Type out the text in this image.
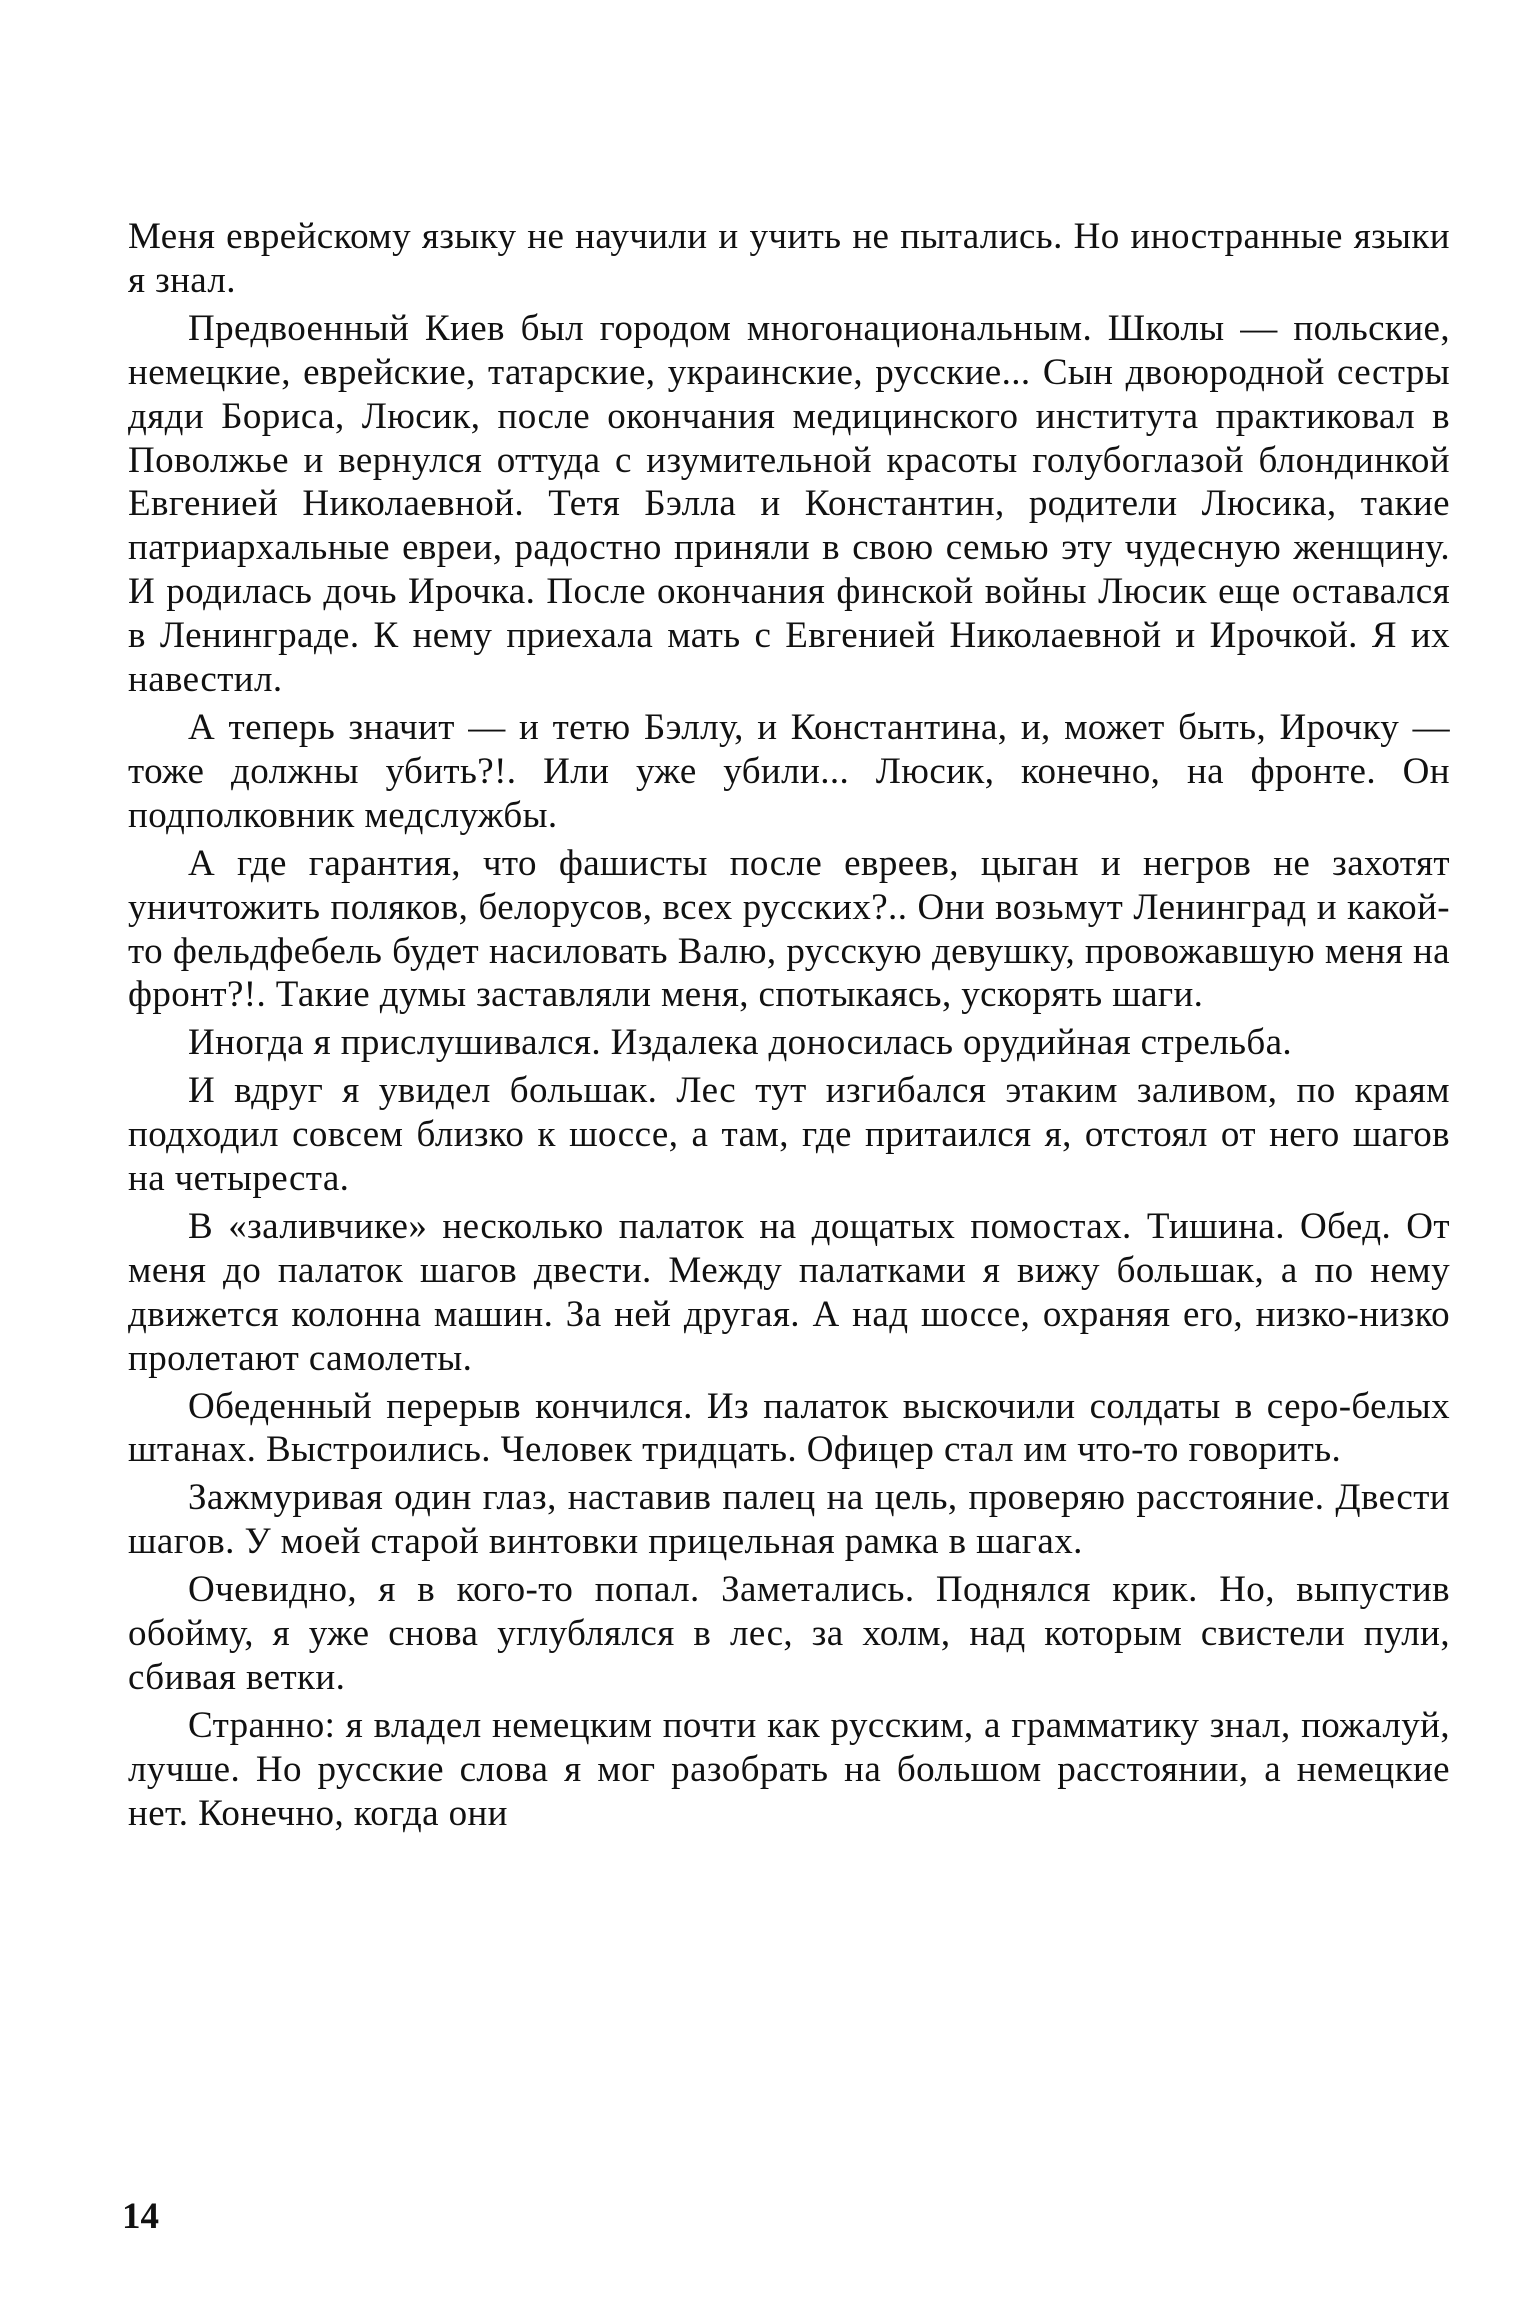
Меня еврейскому языку не научили и учить не пытались. Но иностранные языки я знал.

Предвоенный Киев был городом многонациональным. Школы — польские, немецкие, еврейские, татарские, украинские, русские... Сын двоюродной сестры дяди Бориса, Люсик, после окончания медицинского института практиковал в Поволжье и вернулся оттуда с изумительной красоты голубоглазой блондинкой Евгенией Николаевной. Тетя Бэлла и Константин, родители Люсика, такие патриархальные евреи, радостно приняли в свою семью эту чудесную женщину. И родилась дочь Ирочка. После окончания финской войны Люсик еще оставался в Ленинграде. К нему приехала мать с Евгенией Николаевной и Ирочкой. Я их навестил.

А теперь значит — и тетю Бэллу, и Константина, и, может быть, Ирочку — тоже должны убить?!. Или уже убили... Люсик, конечно, на фронте. Он подполковник медслужбы.

А где гарантия, что фашисты после евреев, цыган и негров не захотят уничтожить поляков, белорусов, всех русских?.. Они возьмут Ленинград и какой-то фельдфебель будет насиловать Валю, русскую девушку, провожавшую меня на фронт?!. Такие думы заставляли меня, спотыкаясь, ускорять шаги.

Иногда я прислушивался. Издалека доносилась орудийная стрельба.

И вдруг я увидел большак. Лес тут изгибался этаким заливом, по краям подходил совсем близко к шоссе, а там, где притаился я, отстоял от него шагов на четыреста.

В «заливчике» несколько палаток на дощатых помостах. Тишина. Обед. От меня до палаток шагов двести. Между палатками я вижу большак, а по нему движется колонна машин. За ней другая. А над шоссе, охраняя его, низко-низко пролетают самолеты.

Обеденный перерыв кончился. Из палаток выскочили солдаты в серо-белых штанах. Выстроились. Человек тридцать. Офицер стал им что-то говорить.

Зажмуривая один глаз, наставив палец на цель, проверяю расстояние. Двести шагов. У моей старой винтовки прицельная рамка в шагах.

Очевидно, я в кого-то попал. Заметались. Поднялся крик. Но, выпустив обойму, я уже снова углублялся в лес, за холм, над которым свистели пули, сбивая ветки.

Странно: я владел немецким почти как русским, а грамматику знал, пожалуй, лучше. Но русские слова я мог разобрать на большом расстоянии, а немецкие нет. Конечно, когда они

14
